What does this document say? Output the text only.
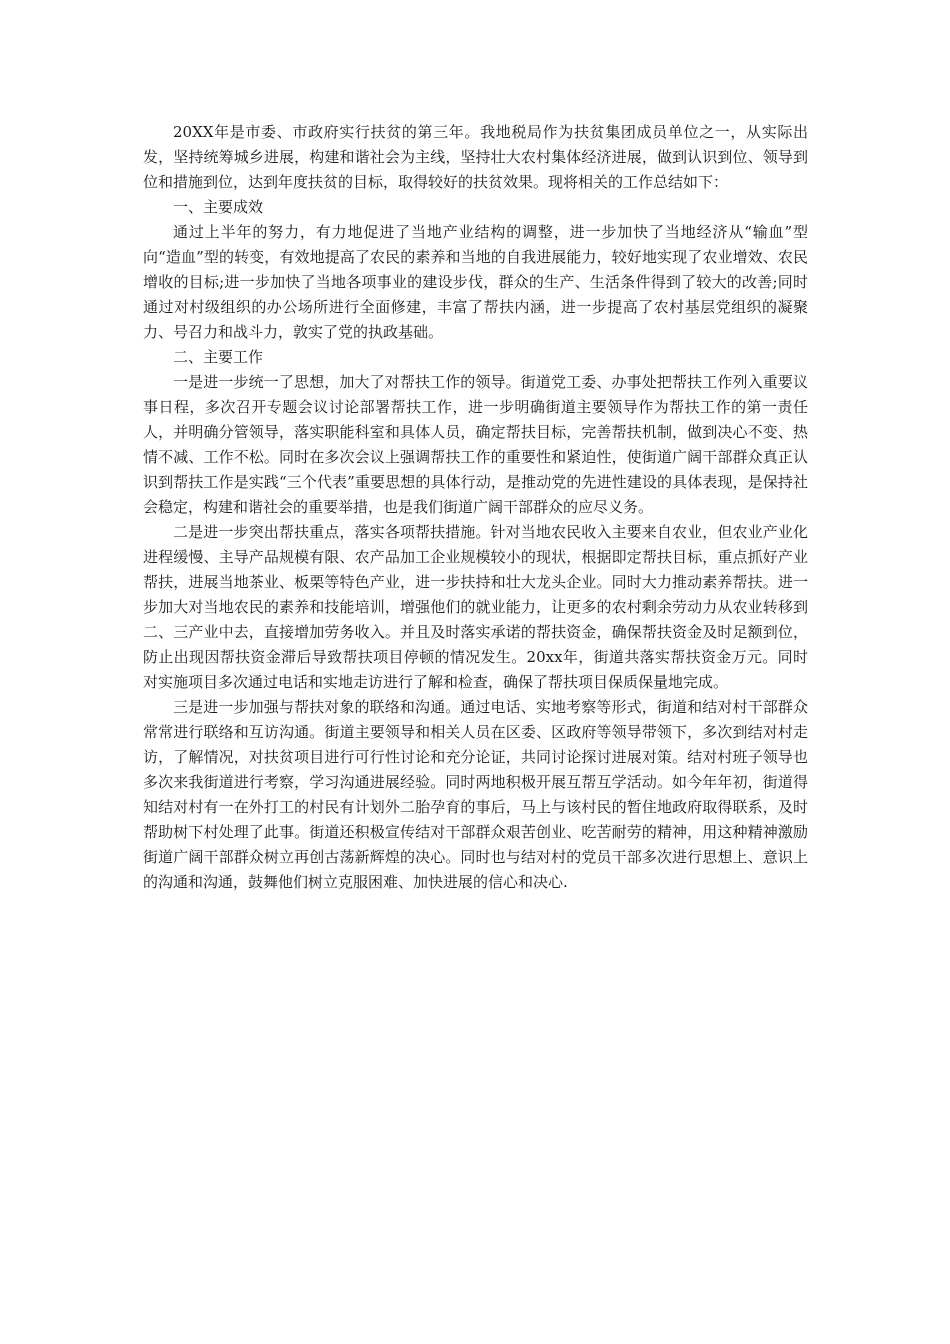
20XX年是市委、市政府实行扶贫的第三年。我地税局作为扶贫集团成员单位之一，从实际出发，坚持统筹城乡进展，构建和谐社会为主线，坚持壮大农村集体经济进展，做到认识到位、领导到位和措施到位，达到年度扶贫的目标，取得较好的扶贫效果。现将相关的工作总结如下：

一、主要成效

通过上半年的努力，有力地促进了当地产业结构的调整，进一步加快了当地经济从“输血”型向“造血”型的转变，有效地提高了农民的素养和当地的自我进展能力，较好地实现了农业增效、农民增收的目标;进一步加快了当地各项事业的建设步伐，群众的生产、生活条件得到了较大的改善;同时通过对村级组织的办公场所进行全面修建，丰富了帮扶内涵，进一步提高了农村基层党组织的凝聚力、号召力和战斗力，敦实了党的执政基础。

二、主要工作

一是进一步统一了思想，加大了对帮扶工作的领导。街道党工委、办事处把帮扶工作列入重要议事日程，多次召开专题会议讨论部署帮扶工作，进一步明确街道主要领导作为帮扶工作的第一责任人，并明确分管领导，落实职能科室和具体人员，确定帮扶目标，完善帮扶机制，做到决心不变、热情不减、工作不松。同时在多次会议上强调帮扶工作的重要性和紧迫性，使街道广阔干部群众真正认识到帮扶工作是实践“三个代表”重要思想的具体行动，是推动党的先进性建设的具体表现，是保持社会稳定，构建和谐社会的重要举措，也是我们街道广阔干部群众的应尽义务。

二是进一步突出帮扶重点，落实各项帮扶措施。针对当地农民收入主要来自农业，但农业产业化进程缓慢、主导产品规模有限、农产品加工企业规模较小的现状，根据即定帮扶目标，重点抓好产业帮扶，进展当地茶业、板栗等特色产业，进一步扶持和壮大龙头企业。同时大力推动素养帮扶。进一步加大对当地农民的素养和技能培训，增强他们的就业能力，让更多的农村剩余劳动力从农业转移到二、三产业中去，直接增加劳务收入。并且及时落实承诺的帮扶资金，确保帮扶资金及时足额到位，防止出现因帮扶资金滞后导致帮扶项目停顿的情况发生。20xx年，街道共落实帮扶资金万元。同时对实施项目多次通过电话和实地走访进行了解和检查，确保了帮扶项目保质保量地完成。

三是进一步加强与帮扶对象的联络和沟通。通过电话、实地考察等形式，街道和结对村干部群众常常进行联络和互访沟通。街道主要领导和相关人员在区委、区政府等领导带领下，多次到结对村走访，了解情况，对扶贫项目进行可行性讨论和充分论证，共同讨论探讨进展对策。结对村班子领导也多次来我街道进行考察，学习沟通进展经验。同时两地积极开展互帮互学活动。如今年年初，街道得知结对村有一在外打工的村民有计划外二胎孕育的事后，马上与该村民的暂住地政府取得联系，及时帮助树下村处理了此事。街道还积极宣传结对干部群众艰苦创业、吃苦耐劳的精神，用这种精神激励街道广阔干部群众树立再创古荡新辉煌的决心。同时也与结对村的党员干部多次进行思想上、意识上的沟通和沟通，鼓舞他们树立克服困难、加快进展的信心和决心.
